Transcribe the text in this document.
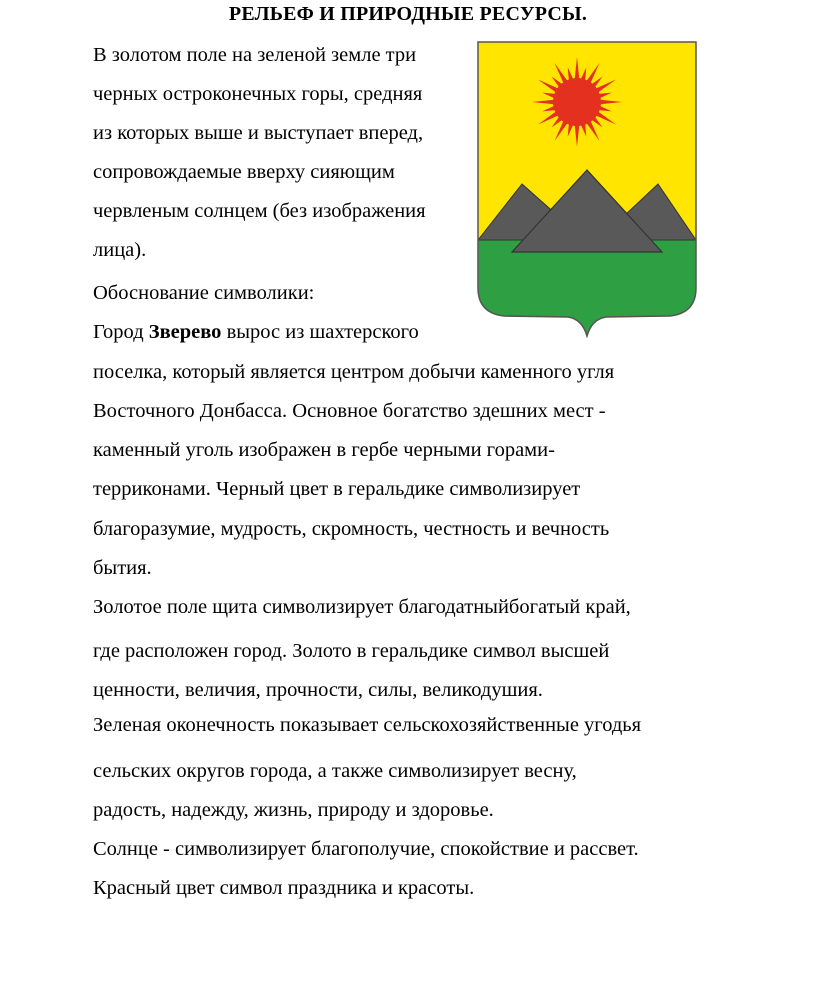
РЕЛЬЕФ И ПРИРОДНЫЕ РЕСУРСЫ.
В золотом поле на зеленой земле три
черных остроконечных горы, средняя
из которых выше и выступает вперед,
сопровождаемые вверху сияющим
червленым солнцем (без изображения
лица).
Обоснование символики:
Город Зверево вырос из шахтерского
поселка, который является центром добычи каменного угля
Восточного Донбасса. Основное богатство здешних мест -
каменный уголь изображен в гербе черными горами-
терриконами. Черный цвет в геральдике символизирует
благоразумие, мудрость, скромность, честность и вечность
бытия.
Золотое поле щита символизирует благодатныйбогатый край,
где расположен город. Золото в геральдике символ высшей
ценности, величия, прочности, силы, великодушия.
Зеленая оконечность показывает сельскохозяйственные угодья
сельских округов города, а также символизирует весну,
радость, надежду, жизнь, природу и здоровье.
Солнце - символизирует благополучие, спокойствие и рассвет.
Красный цвет символ праздника и красоты.
